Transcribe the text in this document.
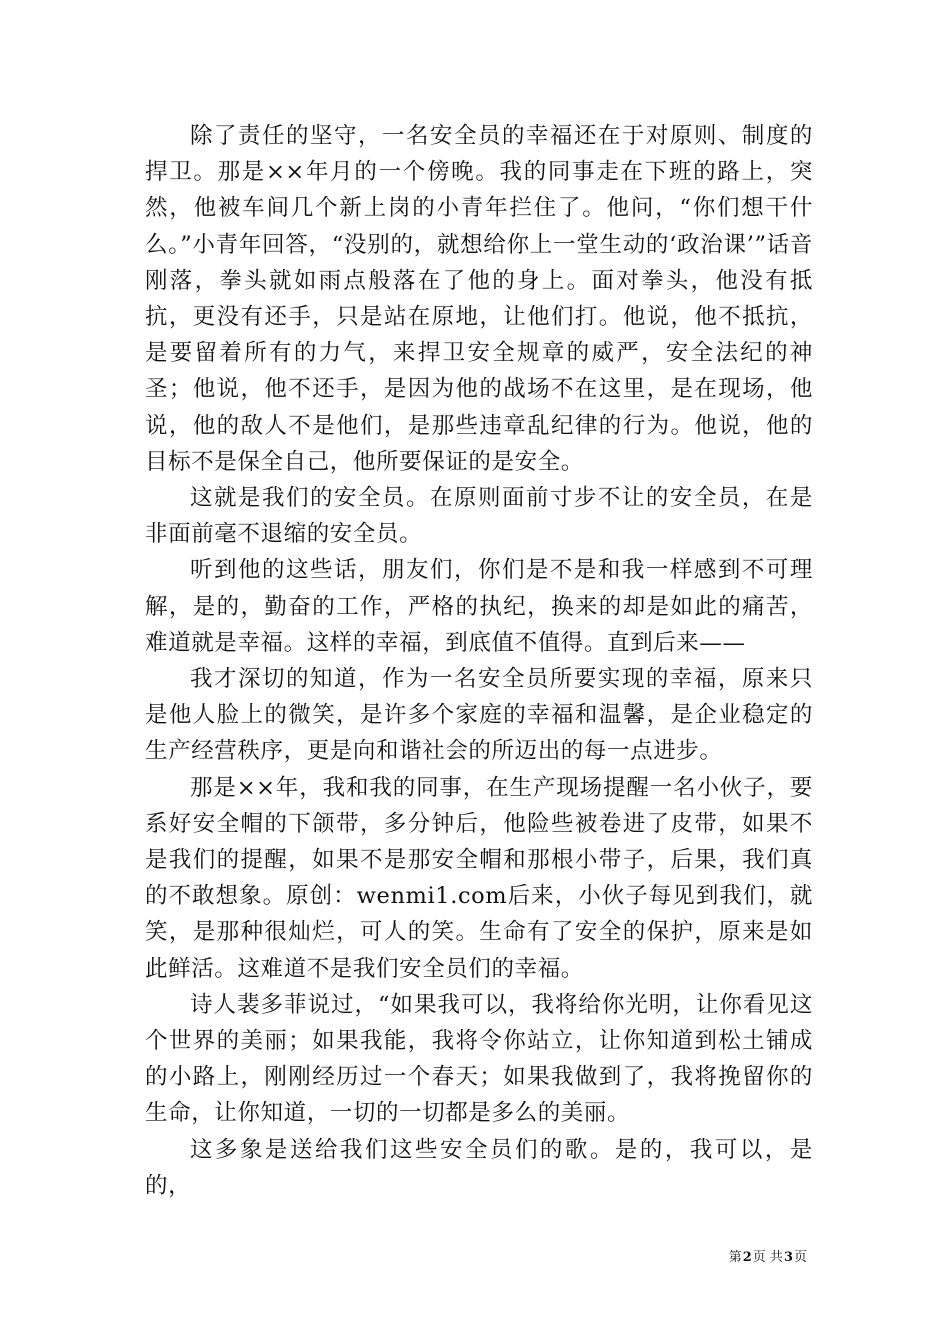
除了责任的坚守，一名安全员的幸福还在于对原则、制度的捍卫。那是××年月的一个傍晚。我的同事走在下班的路上，突然，他被车间几个新上岗的小青年拦住了。他问，“你们想干什么。”小青年回答，“没别的，就想给你上一堂生动的‘政治课’”话音刚落，拳头就如雨点般落在了他的身上。面对拳头，他没有抵抗，更没有还手，只是站在原地，让他们打。他说，他不抵抗，是要留着所有的力气，来捍卫安全规章的威严，安全法纪的神圣；他说，他不还手，是因为他的战场不在这里，是在现场，他说，他的敌人不是他们，是那些违章乱纪律的行为。他说，他的目标不是保全自己，他所要保证的是安全。

这就是我们的安全员。在原则面前寸步不让的安全员，在是非面前毫不退缩的安全员。

听到他的这些话，朋友们，你们是不是和我一样感到不可理解，是的，勤奋的工作，严格的执纪，换来的却是如此的痛苦，难道就是幸福。这样的幸福，到底值不值得。直到后来——

我才深切的知道，作为一名安全员所要实现的幸福，原来只是他人脸上的微笑，是许多个家庭的幸福和温馨，是企业稳定的生产经营秩序，更是向和谐社会的所迈出的每一点进步。

那是××年，我和我的同事，在生产现场提醒一名小伙子，要系好安全帽的下颌带，多分钟后，他险些被卷进了皮带，如果不是我们的提醒，如果不是那安全帽和那根小带子，后果，我们真的不敢想象。原创：wenmi1.com后来，小伙子每见到我们，就笑，是那种很灿烂，可人的笑。生命有了安全的保护，原来是如此鲜活。这难道不是我们安全员们的幸福。

诗人裴多菲说过，“如果我可以，我将给你光明，让你看见这个世界的美丽；如果我能，我将令你站立，让你知道到松土铺成的小路上，刚刚经历过一个春天；如果我做到了，我将挽留你的生命，让你知道，一切的一切都是多么的美丽。

这多象是送给我们这些安全员们的歌。是的，我可以，是的，

第2页 共3页
